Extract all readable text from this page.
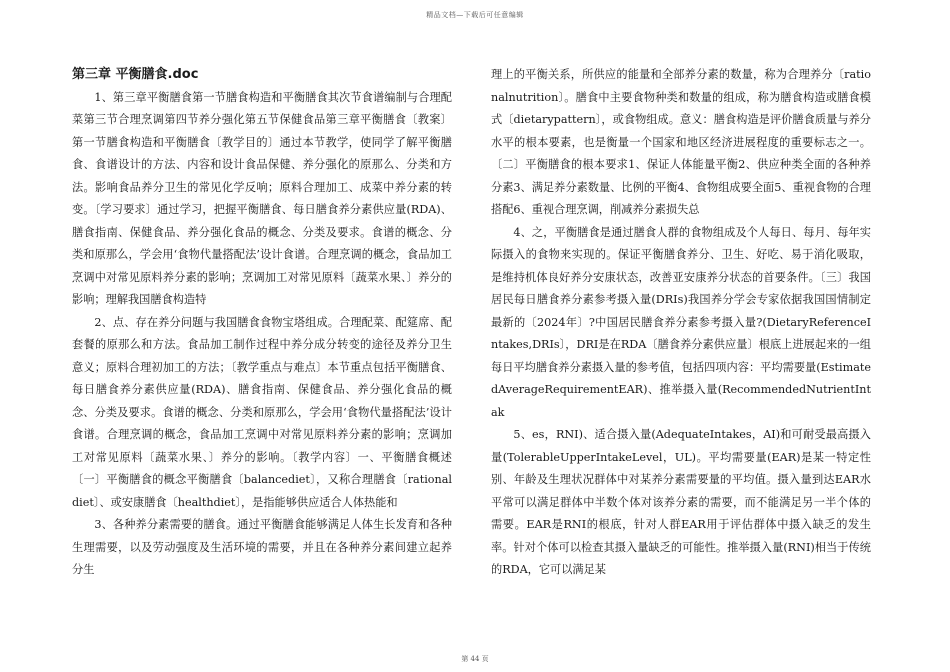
精品文档—下载后可任意编辑

第三章 平衡膳食.doc

1、第三章平衡膳食第一节膳食构造和平衡膳食其次节食谱编制与合理配菜第三节合理烹调第四节养分强化第五节保健食品第三章平衡膳食〔教案〕第一节膳食构造和平衡膳食〔教学目的〕通过本节教学，使同学了解平衡膳食、食谱设计的方法、内容和设计食品保健、养分强化的原那么、分类和方法。影响食品养分卫生的常见化学反响；原料合理加工、成菜中养分素的转变。〔学习要求〕通过学习，把握平衡膳食、每日膳食养分素供应量(RDA)、膳食指南、保健食品、养分强化食品的概念、分类及要求。食谱的概念、分类和原那么，学会用‘食物代量搭配法’设计食谱。合理烹调的概念，食品加工烹调中对常见原料养分素的影响；烹调加工对常见原料〔蔬菜水果、〕养分的影响；理解我国膳食构造特

2、点、存在养分问题与我国膳食食物宝塔组成。合理配菜、配筵席、配套餐的原那么和方法。食品加工制作过程中养分成分转变的途径及养分卫生意义；原料合理初加工的方法；〔教学重点与难点〕本节重点包括平衡膳食、每日膳食养分素供应量(RDA)、膳食指南、保健食品、养分强化食品的概念、分类及要求。食谱的概念、分类和原那么，学会用‘食物代量搭配法’设计食谱。合理烹调的概念，食品加工烹调中对常见原料养分素的影响；烹调加工对常见原料〔蔬菜水果、〕养分的影响。〔教学内容〕一、平衡膳食概述〔一〕平衡膳食的概念平衡膳食〔balancediet〕，又称合理膳食〔rationaldiet〕、或安康膳食〔healthdiet〕，是指能够供应适合人体热能和

3、各种养分素需要的膳食。通过平衡膳食能够满足人体生长发育和各种生理需要，以及劳动强度及生活环境的需要，并且在各种养分素间建立起养分生

理上的平衡关系，所供应的能量和全部养分素的数量，称为合理养分〔rationalnutrition〕。膳食中主要食物种类和数量的组成，称为膳食构造或膳食模式〔dietarypattern〕，或食物组成。意义：膳食构造是评价膳食质量与养分水平的根本要素，也是衡量一个国家和地区经济进展程度的重要标志之一。〔二〕平衡膳食的根本要求1、保证人体能量平衡2、供应种类全面的各种养分素3、满足养分素数量、比例的平衡4、食物组成要全面5、重视食物的合理搭配6、重视合理烹调，削减养分素损失总

4、之，平衡膳食是通过膳食人群的食物组成及个人每日、每月、每年实际摄入的食物来实现的。保证平衡膳食养分、卫生、好吃、易于消化吸取，是维持机体良好养分安康状态，改善亚安康养分状态的首要条件。〔三〕我国居民每日膳食养分素参考摄入量(DRIs)我国养分学会专家依据我国国情制定最新的〔2024年〕?中国居民膳食养分素参考摄入量?(DietaryReferenceIntakes,DRIs〕，DRI是在RDA〔膳食养分素供应量〕根底上进展起来的一组每日平均膳食养分素摄入量的参考值，包括四项内容：平均需要量(EstimatedAverageRequirementEAR)、推举摄入量(RecommendedNutrientIntak

5、es，RNI)、适合摄入量(AdequateIntakes，AI)和可耐受最高摄入量(TolerableUpperIntakeLevel，UL)。平均需要量(EAR)是某一特定性别、年龄及生理状况群体中对某养分素需要量的平均值。摄入量到达EAR水平常可以满足群体中半数个体对该养分素的需要，而不能满足另一半个体的需要。EAR是RNI的根底，针对人群EAR用于评估群体中摄入缺乏的发生率。针对个体可以检查其摄入量缺乏的可能性。推举摄入量(RNI)相当于传统的RDA，它可以满足某

第 44 页
